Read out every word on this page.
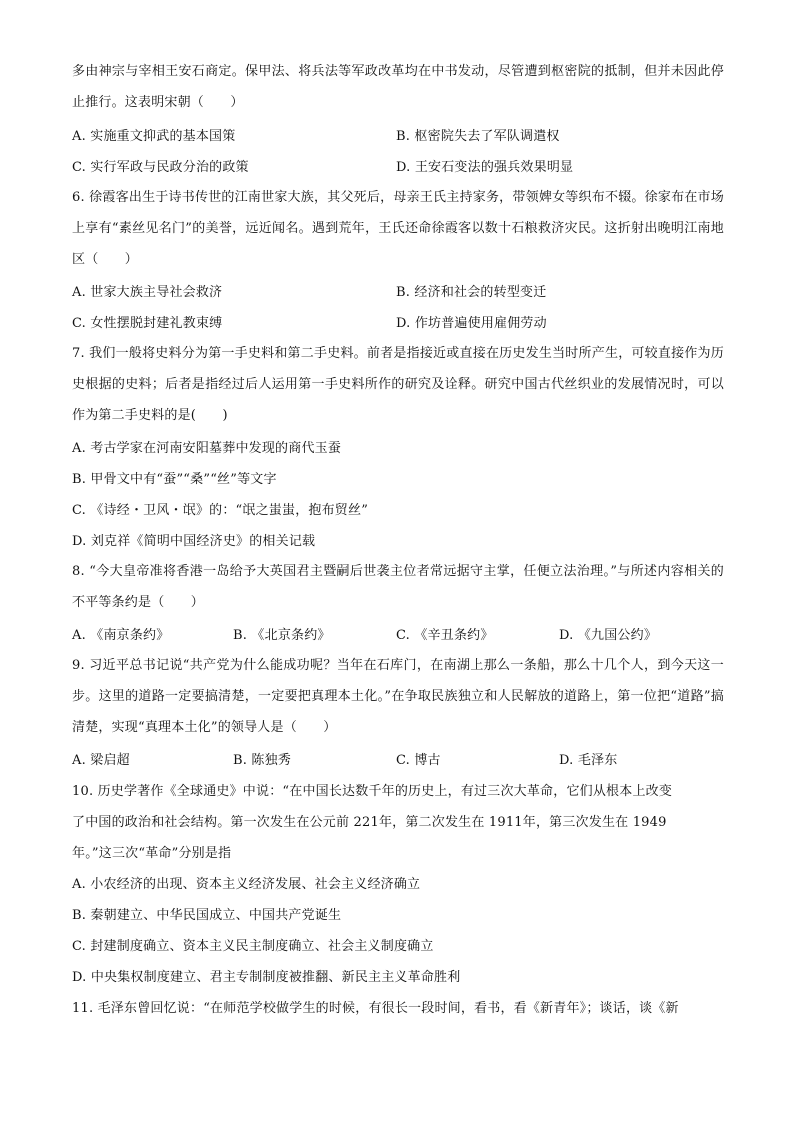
多由神宗与宰相王安石商定。保甲法、将兵法等军政改革均在中书发动，尽管遭到枢密院的抵制，但并未因此停止推行。这表明宋朝（　　）
A. 实施重文抑武的基本国策	B. 枢密院失去了军队调遣权
C. 实行军政与民政分治的政策	D. 王安石变法的强兵效果明显
6. 徐霞客出生于诗书传世的江南世家大族，其父死后，母亲王氏主持家务，带领婢女等织布不辍。徐家布在市场上享有“素丝见名门”的美誉，远近闻名。遇到荒年，王氏还命徐霞客以数十石粮救济灾民。这折射出晚明江南地区（　　）
A. 世家大族主导社会救济	B. 经济和社会的转型变迁
C. 女性摆脱封建礼教束缚	D. 作坊普遍使用雇佣劳动
7. 我们一般将史料分为第一手史料和第二手史料。前者是指接近或直接在历史发生当时所产生，可较直接作为历史根据的史料；后者是指经过后人运用第一手史料所作的研究及诠释。研究中国古代丝织业的发展情况时，可以作为第二手史料的是(　　)
A. 考古学家在河南安阳墓葬中发现的商代玉蚕
B. 甲骨文中有“蚕”“桑”“丝”等文字
C. 《诗经・卫风・氓》的：“氓之蚩蚩，抱布贸丝”
D. 刘克祥《简明中国经济史》的相关记载
8. “今大皇帝准将香港一岛给予大英国君主暨嗣后世袭主位者常远据守主掌，任便立法治理。”与所述内容相关的不平等条约是（　　）
A. 《南京条约》	B. 《北京条约》	C. 《辛丑条约》	D. 《九国公约》
9. 习近平总书记说“共产党为什么能成功呢？当年在石库门，在南湖上那么一条船，那么十几个人，到今天这一步。这里的道路一定要搞清楚，一定要把真理本土化。”在争取民族独立和人民解放的道路上，第一位把“道路”搞清楚，实现“真理本土化”的领导人是（　　）
A. 梁启超	B. 陈独秀	C. 博古	D. 毛泽东
10. 历史学著作《全球通史》中说：“在中国长达数千年的历史上，有过三次大革命，它们从根本上改变
了中国的政治和社会结构。第一次发生在公元前 221年，第二次发生在 1911年，第三次发生在 1949
年。”这三次“革命”分别是指
A. 小农经济的出现、资本主义经济发展、社会主义经济确立
B. 秦朝建立、中华民国成立、中国共产党诞生
C. 封建制度确立、资本主义民主制度确立、社会主义制度确立
D. 中央集权制度建立、君主专制制度被推翻、新民主主义革命胜利
11. 毛泽东曾回忆说：“在师范学校做学生的时候，有很长一段时间，看书，看《新青年》；谈话，谈《新
